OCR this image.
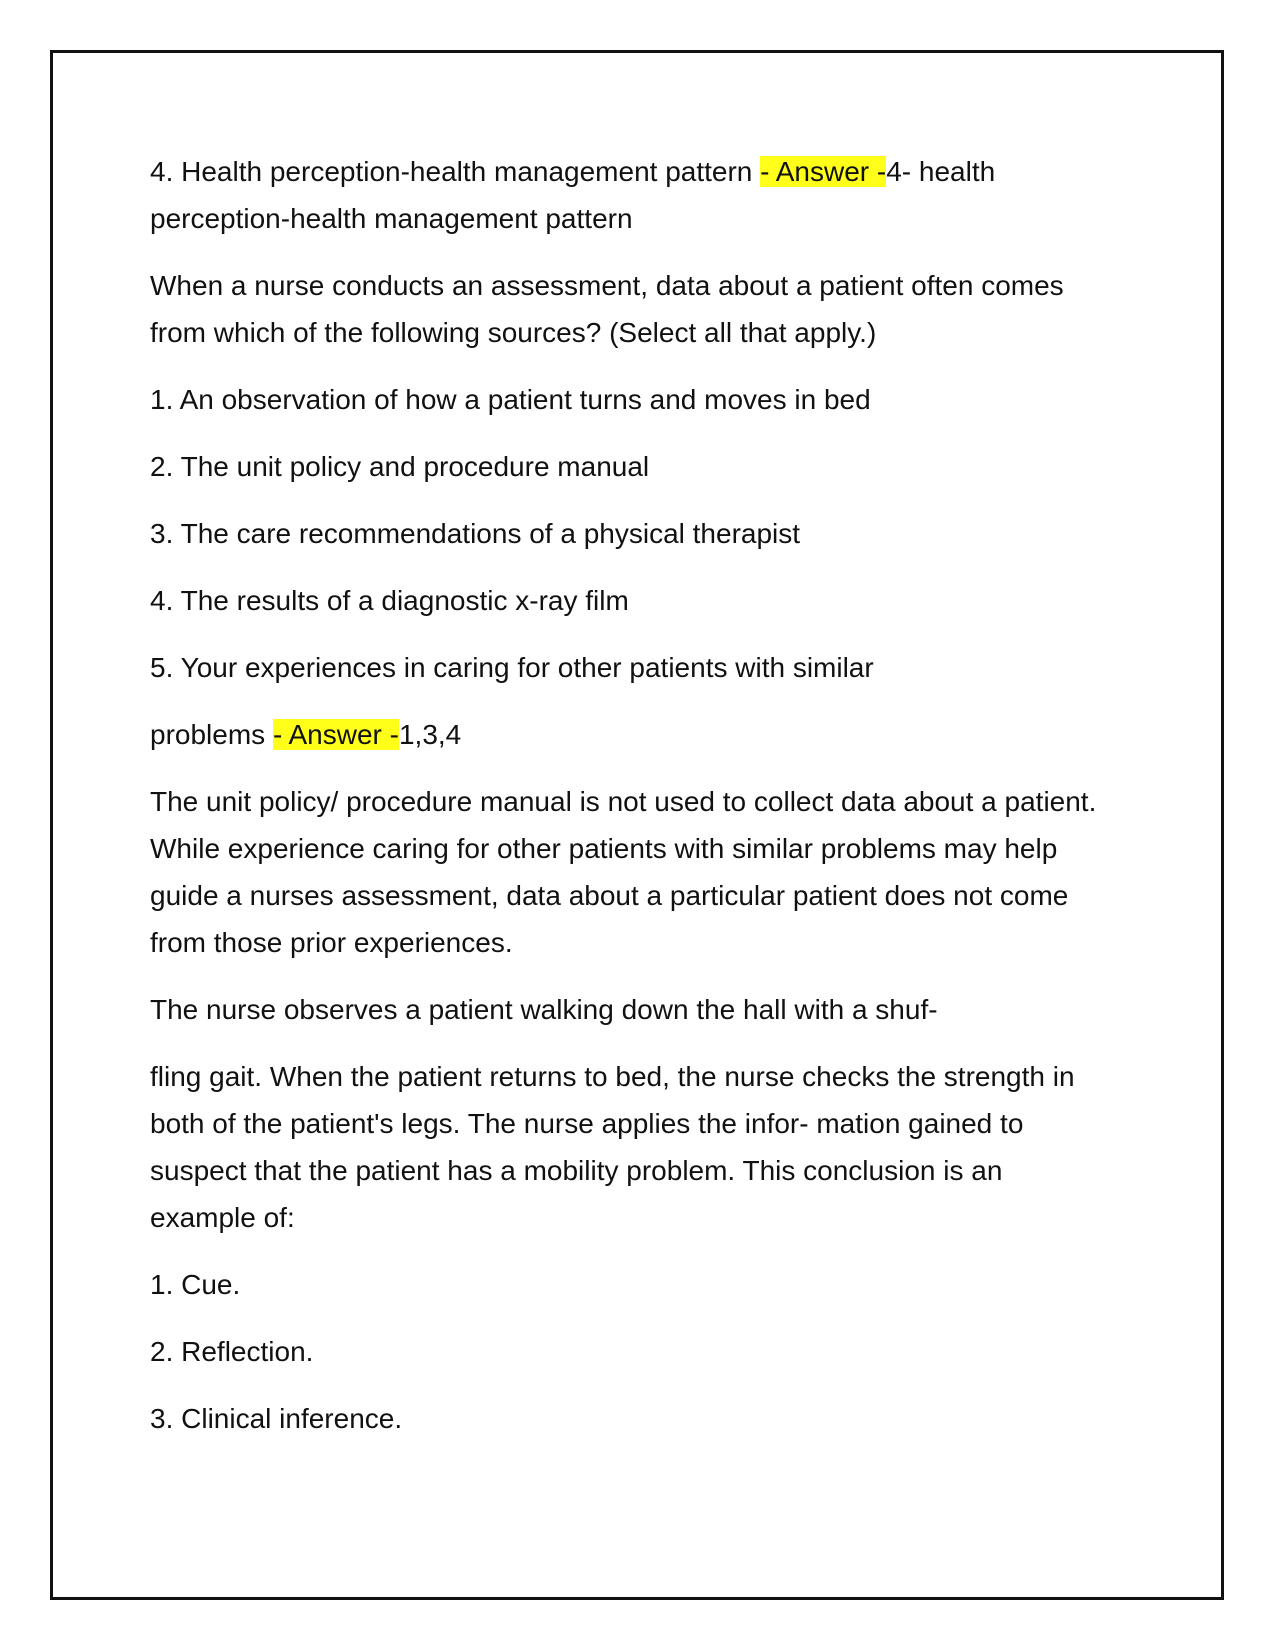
4. Health perception-health management pattern - Answer -4- health perception-health management pattern

When a nurse conducts an assessment, data about a patient often comes from which of the following sources? (Select all that apply.)

1. An observation of how a patient turns and moves in bed

2. The unit policy and procedure manual

3. The care recommendations of a physical therapist

4. The results of a diagnostic x-ray film

5. Your experiences in caring for other patients with similar

problems - Answer -1,3,4

The unit policy/ procedure manual is not used to collect data about a patient. While experience caring for other patients with similar problems may help guide a nurses assessment, data about a particular patient does not come from those prior experiences.

The nurse observes a patient walking down the hall with a shuf-

fling gait. When the patient returns to bed, the nurse checks the strength in both of the patient's legs. The nurse applies the infor- mation gained to suspect that the patient has a mobility problem. This conclusion is an example of:

1. Cue.

2. Reflection.

3. Clinical inference.
